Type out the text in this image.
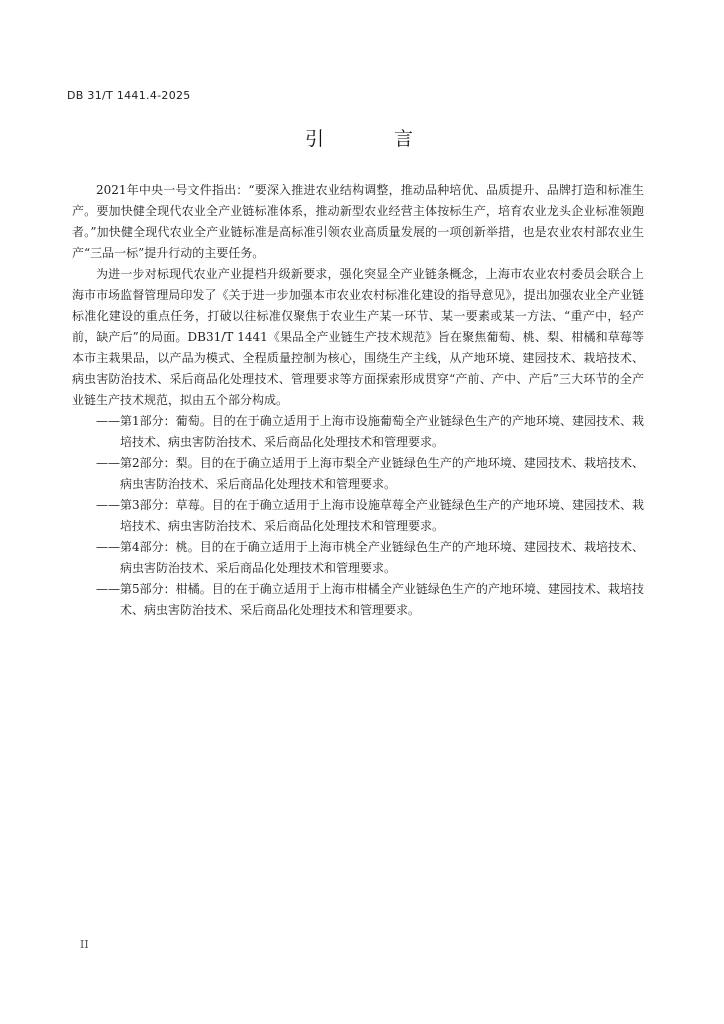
DB 31/T 1441.4-2025
引 言

2021年中央一号文件指出：“要深入推进农业结构调整，推动品种培优、品质提升、品牌打造和标准生产。要加快健全现代农业全产业链标准体系，推动新型农业经营主体按标生产，培育农业龙头企业标准领跑者。”加快健全现代农业全产业链标准是高标准引领农业高质量发展的一项创新举措，也是农业农村部农业生产“三品一标”提升行动的主要任务。

为进一步对标现代农业产业提档升级新要求，强化突显全产业链条概念，上海市农业农村委员会联合上海市市场监督管理局印发了《关于进一步加强本市农业农村标准化建设的指导意见》，提出加强农业全产业链标准化建设的重点任务，打破以往标准仅聚焦于农业生产某一环节、某一要素或某一方法、“重产中，轻产前，缺产后”的局面。DB31/T 1441《果品全产业链生产技术规范》旨在聚焦葡萄、桃、梨、柑橘和草莓等本市主栽果品，以产品为模式、全程质量控制为核心，围绕生产主线，从产地环境、建园技术、栽培技术、病虫害防治技术、采后商品化处理技术、管理要求等方面探索形成贯穿“产前、产中、产后”三大环节的全产业链生产技术规范，拟由五个部分构成。

——第1部分：葡萄。目的在于确立适用于上海市设施葡萄全产业链绿色生产的产地环境、建园技术、栽培技术、病虫害防治技术、采后商品化处理技术和管理要求。
——第2部分：梨。目的在于确立适用于上海市梨全产业链绿色生产的产地环境、建园技术、栽培技术、病虫害防治技术、采后商品化处理技术和管理要求。
——第3部分：草莓。目的在于确立适用于上海市设施草莓全产业链绿色生产的产地环境、建园技术、栽培技术、病虫害防治技术、采后商品化处理技术和管理要求。
——第4部分：桃。目的在于确立适用于上海市桃全产业链绿色生产的产地环境、建园技术、栽培技术、病虫害防治技术、采后商品化处理技术和管理要求。
——第5部分：柑橘。目的在于确立适用于上海市柑橘全产业链绿色生产的产地环境、建园技术、栽培技术、病虫害防治技术、采后商品化处理技术和管理要求。
II
